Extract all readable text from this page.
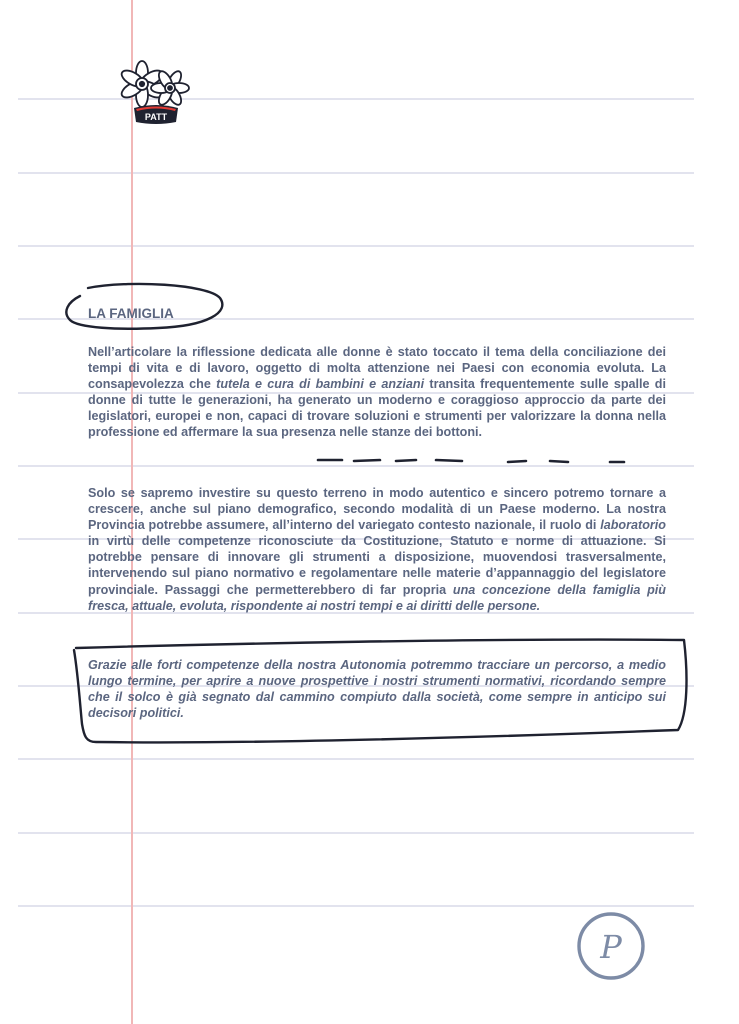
PATT
LA FAMIGLIA

Nell’articolare la riflessione dedicata alle donne è stato toccato il tema della conciliazione dei tempi di vita e di lavoro, oggetto di molta attenzione nei Paesi con economia evoluta. La consapevolezza che tutela e cura di bambini e anziani transita frequentemente sulle spalle di donne di tutte le generazioni, ha generato un moderno e coraggioso approccio da parte dei legislatori, europei e non, capaci di trovare soluzioni e strumenti per valorizzare la donna nella professione ed affermare la sua presenza nelle stanze dei bottoni.

Solo se sapremo investire su questo terreno in modo autentico e sincero potremo tornare a crescere, anche sul piano demografico, secondo modalità di un Paese moderno. La nostra Provincia potrebbe assumere, all’interno del variegato contesto nazionale, il ruolo di laboratorio in virtù delle competenze riconosciute da Costituzione, Statuto e norme di attuazione. Si potrebbe pensare di innovare gli strumenti a disposizione, muovendosi trasversalmente, intervenendo sul piano normativo e regolamentare nelle materie d’appannaggio del legislatore provinciale. Passaggi che permetterebbero di far propria una concezione della famiglia più fresca, attuale, evoluta, rispondente ai nostri tempi e ai diritti delle persone.

Grazie alle forti competenze della nostra Autonomia potremmo tracciare un percorso, a medio lungo termine, per aprire a nuove prospettive i nostri strumenti normativi, ricordando sempre che il solco è già segnato dal cammino compiuto dalla società, come sempre in anticipo sui decisori politici.

P
